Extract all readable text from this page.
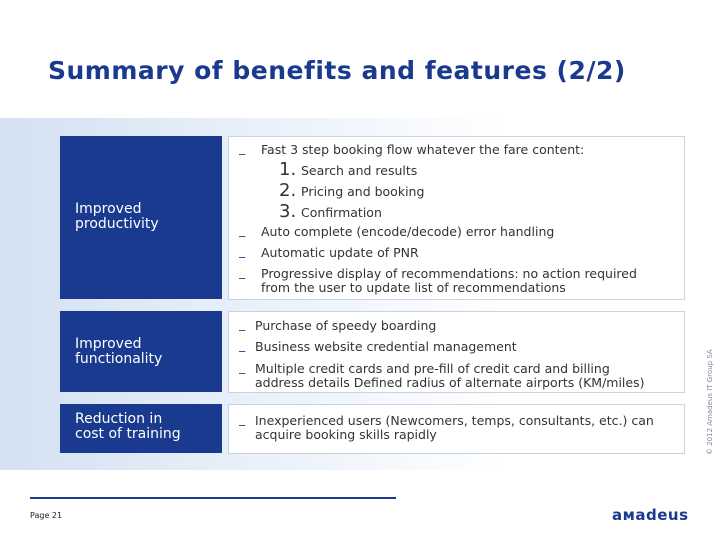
Summary of benefits and features (2/2)
Improved
productivity
_	Fast 3 step booking flow whatever the fare content:
1. Search and results
2. Pricing and booking
3. Confirmation
_	Auto complete (encode/decode) error handling
_	Automatic update of PNR
_	Progressive display of recommendations: no action required
from the user to update list of recommendations
Improved
functionality
_ Purchase of speedy boarding
_ Business website credential management
_ Multiple credit cards and pre-fill of credit card and billing
address details Defined radius of alternate airports (KM/miles)
Reduction in
cost of training
_ Inexperienced users (Newcomers, temps, consultants, etc.) can
acquire booking skills rapidly	© 2012 Amadeus IT Group SA
Page 21	aмadeus
